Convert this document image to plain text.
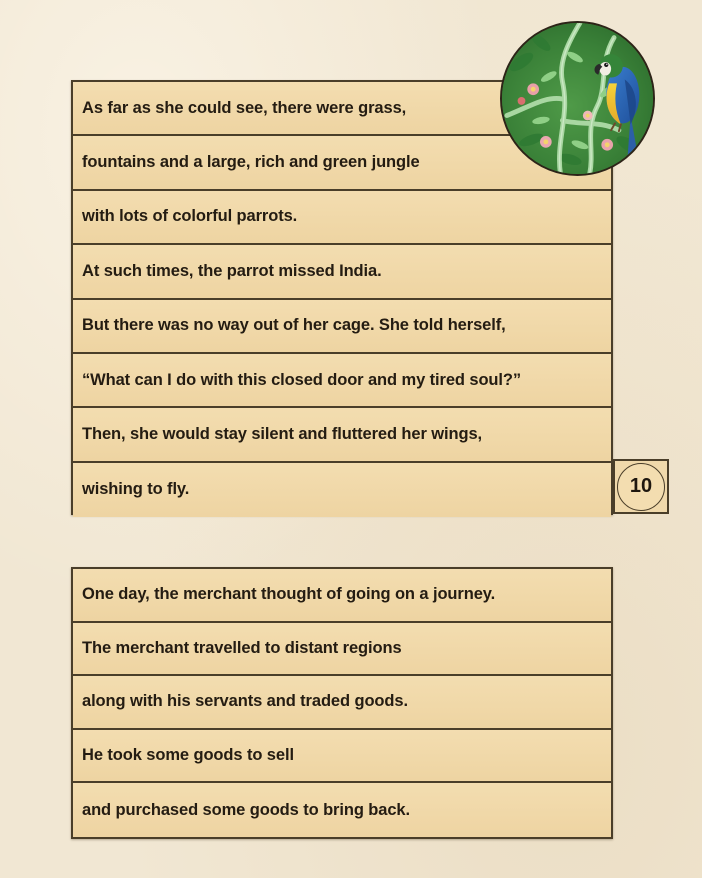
As far as she could see, there were grass,
fountains and a large, rich and green jungle
with lots of colorful parrots.
At such times, the parrot missed India.
But there was no way out of her cage. She told herself,
“What can I do with this closed door and my tired soul?”
Then, she would stay silent and fluttered her wings,
wishing to fly.	10
One day, the merchant thought of going on a journey.
The merchant travelled to distant regions
along with his servants and traded goods.
He took some goods to sell
and purchased some goods to bring back.
